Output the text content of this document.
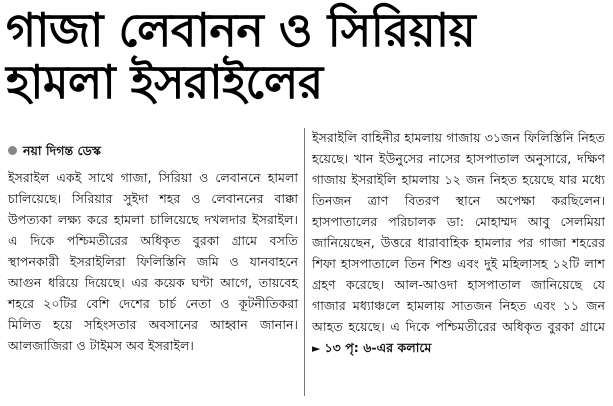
গাজা লেবানন ও সিরিয়ায়
হামলা ইসরাইলের
নয়া দিগন্ত ডেস্ক

ইসরাইল একই সাথে গাজা, সিরিয়া ও লেবাননে হামলা চালিয়েছে। সিরিয়ার সুইদা শহর ও লেবাননের বাক্কা উপত্যকা লক্ষ্য করে হামলা চালিয়েছে দখলদার ইসরাইল। এ দিকে পশ্চিমতীরের অধিকৃত বুরকা গ্রামে বসতি স্থাপনকারী ইসরাইলিরা ফিলিস্তিনি জমি ও যানবাহনে আগুন ধরিয়ে দিয়েছে। এর কয়েক ঘণ্টা আগে, তায়বেহ শহরে ২০টির বেশি দেশের চার্চ নেতা ও কূটনীতিকরা মিলিত হয়ে সহিংসতার অবসানের আহ্বান জানান। আলজাজিরা ও টাইমস অব ইসরাইল।

ইসরাইলি বাহিনীর হামলায় গাজায় ৩১জন ফিলিস্তিনি নিহত হয়েছে। খান ইউনুসের নাসের হাসপাতাল অনুসারে, দক্ষিণ গাজায় ইসরাইলি হামলায় ১২ জন নিহত হয়েছে যার মধ্যে তিনজন ত্রাণ বিতরণ স্থানে অপেক্ষা করছিলেন। হাসপাতালের পরিচালক ডা: মোহাম্মদ আবু সেলমিয়া জানিয়েছেন, উত্তরে ধারাবাহিক হামলার পর গাজা শহরের শিফা হাসপাতালে তিন শিশু এবং দুই মহিলাসহ ১২টি লাশ গ্রহণ করেছে। আল-আওদা হাসপাতাল জানিয়েছে যে গাজার মধ্যাঞ্চলে হামলায় সাতজন নিহত এবং ১১ জন আহত হয়েছে। এ দিকে পশ্চিমতীরের অধিকৃত বুরকা গ্রামে ► ১৩ পৃ: ৬-এর কলামে
